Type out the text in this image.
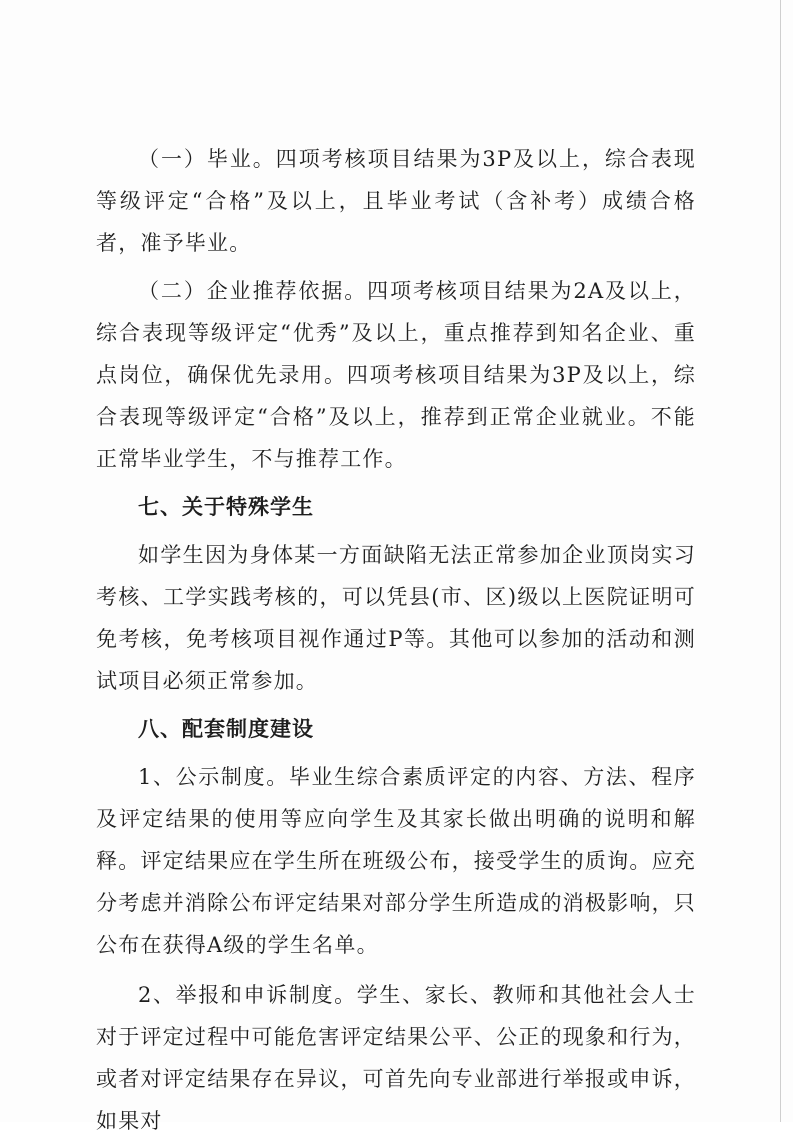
（一）毕业。四项考核项目结果为3P及以上，综合表现等级评定“合格”及以上，且毕业考试（含补考）成绩合格者，准予毕业。

（二）企业推荐依据。四项考核项目结果为2A及以上，综合表现等级评定“优秀”及以上，重点推荐到知名企业、重点岗位，确保优先录用。四项考核项目结果为3P及以上，综合表现等级评定“合格”及以上，推荐到正常企业就业。不能正常毕业学生，不与推荐工作。

七、关于特殊学生

如学生因为身体某一方面缺陷无法正常参加企业顶岗实习考核、工学实践考核的，可以凭县(市、区)级以上医院证明可免考核，免考核项目视作通过P等。其他可以参加的活动和测试项目必须正常参加。

八、配套制度建设

1、公示制度。毕业生综合素质评定的内容、方法、程序及评定结果的使用等应向学生及其家长做出明确的说明和解释。评定结果应在学生所在班级公布，接受学生的质询。应充分考虑并消除公布评定结果对部分学生所造成的消极影响，只公布在获得A级的学生名单。

2、举报和申诉制度。学生、家长、教师和其他社会人士对于评定过程中可能危害评定结果公平、公正的现象和行为，或者对评定结果存在异议，可首先向专业部进行举报或申诉，如果对
